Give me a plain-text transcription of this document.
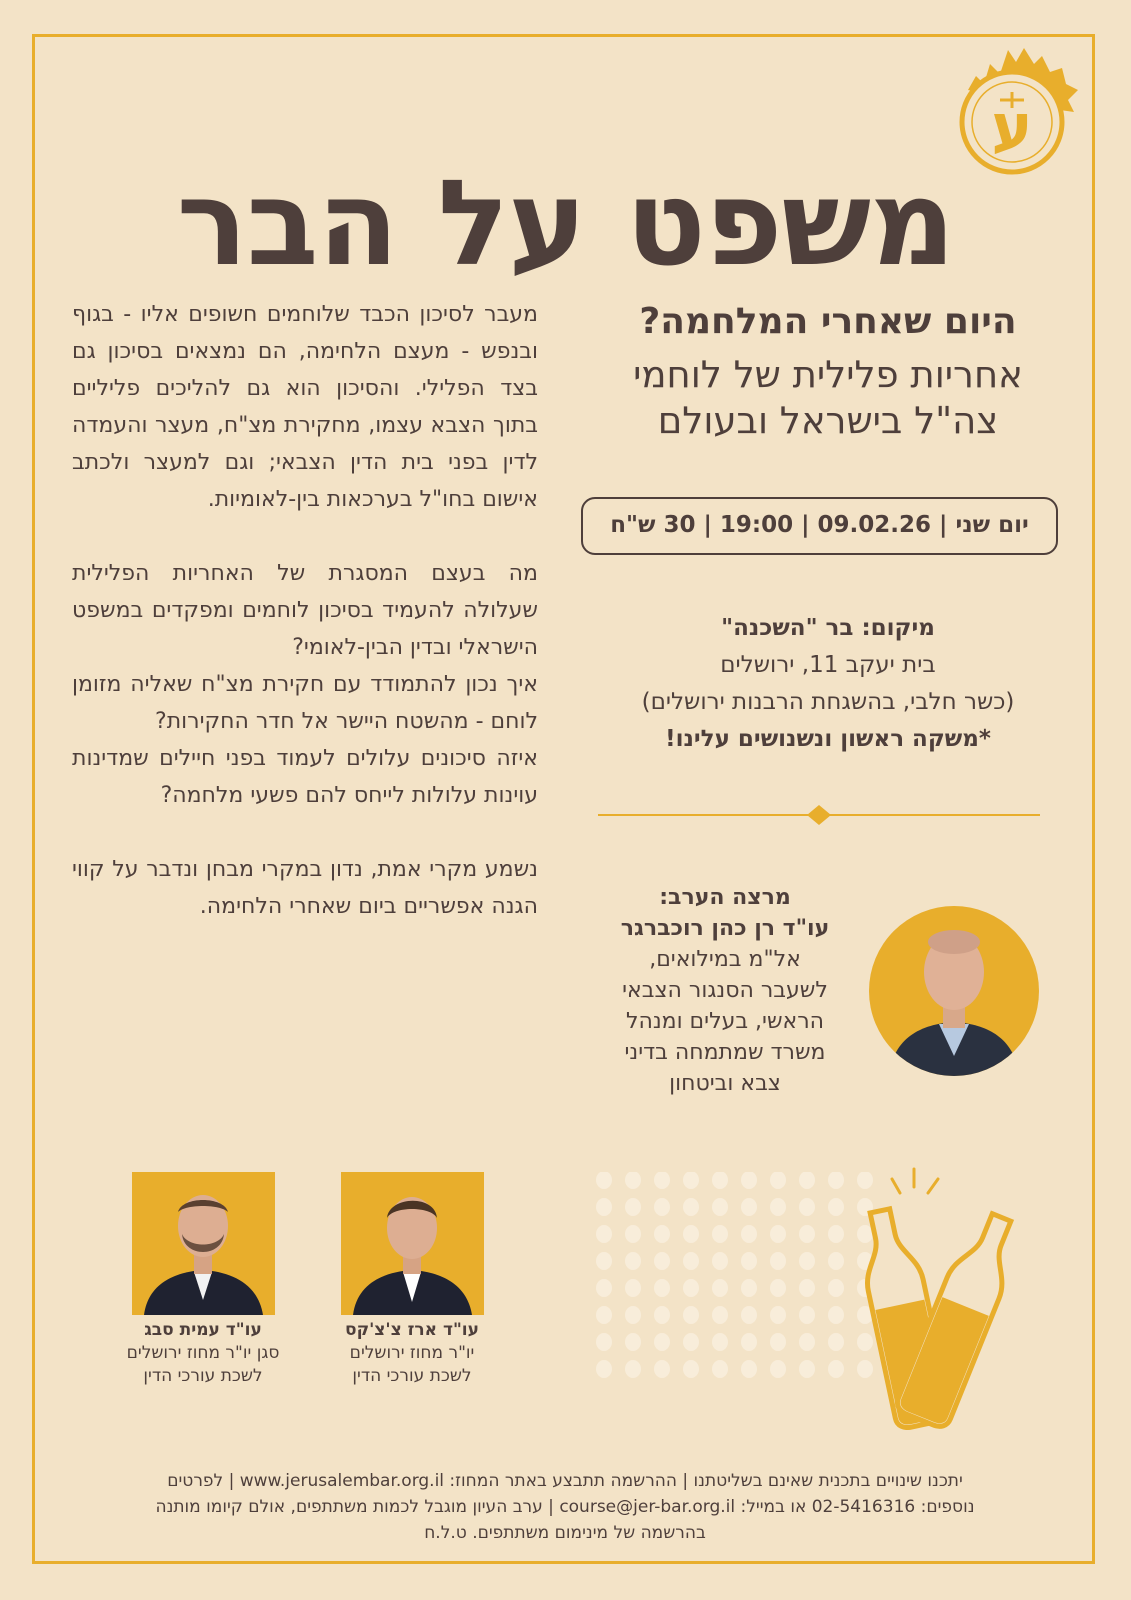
ע
משפט על הבר
היום שאחרי המלחמה?
אחריות פלילית של לוחמי
צה"ל בישראל ובעולם
יום שני | 09.02.26 | 19:00 | 30 ש"ח
מיקום: בר "השכנה"
בית יעקב 11, ירושלים
(כשר חלבי, בהשגחת הרבנות ירושלים)
*משקה ראשון ונשנושים עלינו!
מרצה הערב:
עו"ד רן כהן רוכברגר
אל"מ במילואים,
לשעבר הסנגור הצבאי
הראשי, בעלים ומנהל
משרד שמתמחה בדיני
צבא וביטחון

מעבר לסיכון הכבד שלוחמים חשופים אליו - בגוף ובנפש - מעצם הלחימה, הם נמצאים בסיכון גם בצד הפלילי. והסיכון הוא גם להליכים פליליים בתוך הצבא עצמו, מחקירת מצ"ח, מעצר והעמדה לדין בפני בית הדין הצבאי; וגם למעצר ולכתב אישום בחו"ל בערכאות בין-לאומיות.

מה בעצם המסגרת של האחריות הפלילית שעלולה להעמיד בסיכון לוחמים ומפקדים במשפט הישראלי ובדין הבין-לאומי?

איך נכון להתמודד עם חקירת מצ"ח שאליה מזומן לוחם - מהשטח היישר אל חדר החקירות?

איזה סיכונים עלולים לעמוד בפני חיילים שמדינות עוינות עלולות לייחס להם פשעי מלחמה?

נשמע מקרי אמת, נדון במקרי מבחן ונדבר על קווי הגנה אפשריים ביום שאחרי הלחימה.

עו"ד ארז צ'צ'קס
יו"ר מחוז ירושלים
לשכת עורכי הדין
עו"ד עמית סבג
סגן יו"ר מחוז ירושלים
לשכת עורכי הדין
יתכנו שינויים בתכנית שאינם בשליטתנו | ההרשמה תתבצע באתר המחוז: www.jerusalembar.org.il | לפרטים
נוספים: 02-5416316 או במייל: course@jer-bar.org.il | ערב העיון מוגבל לכמות משתתפים, אולם קיומו מותנה
בהרשמה של מינימום משתתפים. ט.ל.ח
